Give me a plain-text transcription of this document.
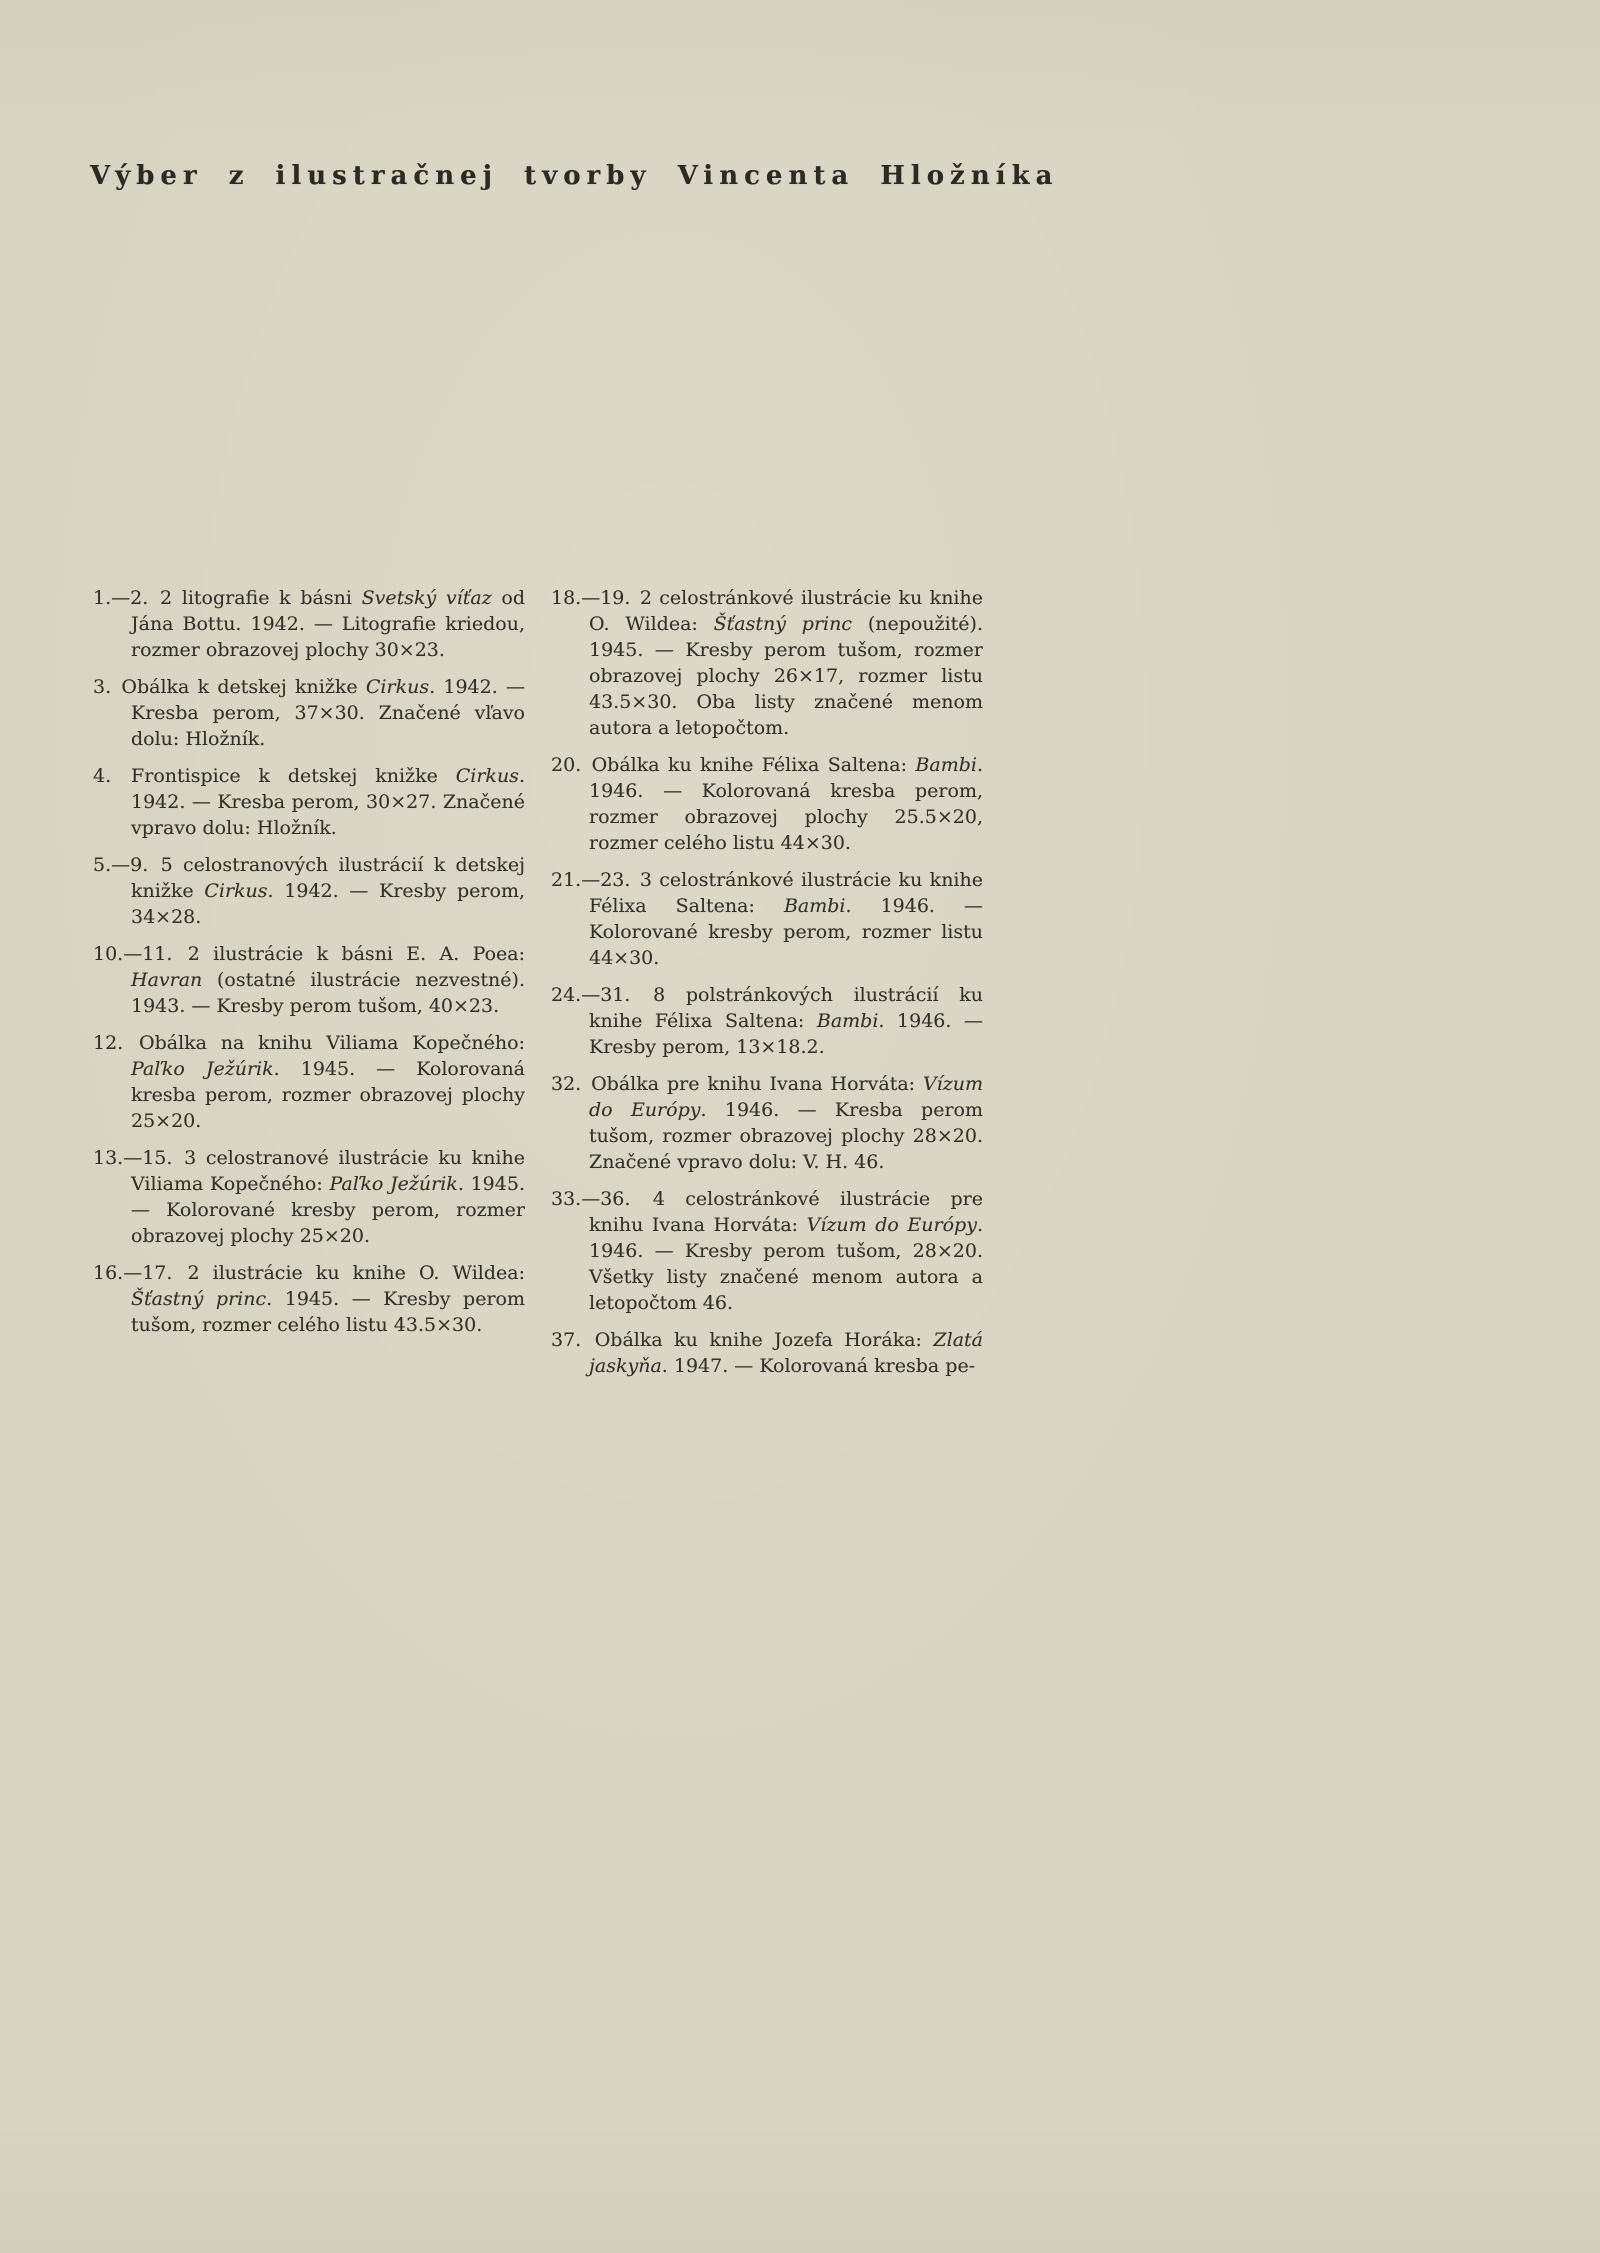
Výber z ilustračnej tvorby Vincenta Hložníka

1.—2. 2 litografie k básni Svetský víťaz od Jána Bottu. 1942. — Litografie kriedou, rozmer obrazovej plochy 30×23.

3. Obálka k detskej knižke Cirkus. 1942. — Kresba perom, 37×30. Značené vľavo dolu: Hložník.

4. Frontispice k detskej knižke Cirkus. 1942. — Kresba perom, 30×27. Značené vpravo dolu: Hložník.

5.—9. 5 celostranových ilustrácií k detskej knižke Cirkus. 1942. — Kresby perom, 34×28.

10.—11. 2 ilustrácie k básni E. A. Poea: Havran (ostatné ilustrácie nezvestné). 1943. — Kresby perom tušom, 40×23.

12. Obálka na knihu Viliama Kopečného: Paľko Ježúrik. 1945. — Kolorovaná kresba perom, rozmer obrazovej plochy 25×20.

13.—15. 3 celostranové ilustrácie ku knihe Viliama Kopečného: Paľko Ježúrik. 1945. — Kolorované kresby perom, rozmer obrazovej plochy 25×20.

16.—17. 2 ilustrácie ku knihe O. Wildea: Šťastný princ. 1945. — Kresby perom tušom, rozmer celého listu 43.5×30.

18.—19. 2 celostránkové ilustrácie ku knihe O. Wildea: Šťastný princ (nepoužité). 1945. — Kresby perom tušom, rozmer obrazovej plochy 26×17, rozmer listu 43.5×30. Oba listy značené menom autora a letopočtom.

20. Obálka ku knihe Félixa Saltena: Bambi. 1946. — Kolorovaná kresba perom, rozmer obrazovej plochy 25.5×20, rozmer celého listu 44×30.

21.—23. 3 celostránkové ilustrácie ku knihe Félixa Saltena: Bambi. 1946. — Kolorované kresby perom, rozmer listu 44×30.

24.—31. 8 polstránkových ilustrácií ku knihe Félixa Saltena: Bambi. 1946. — Kresby perom, 13×18.2.

32. Obálka pre knihu Ivana Horváta: Vízum do Európy. 1946. — Kresba perom tušom, rozmer obrazovej plochy 28×20. Značené vpravo dolu: V. H. 46.

33.—36. 4 celostránkové ilustrácie pre knihu Ivana Horváta: Vízum do Európy. 1946. — Kresby perom tušom, 28×20. Všetky listy značené menom autora a letopočtom 46.

37. Obálka ku knihe Jozefa Horáka: Zlatá jaskyňa. 1947. — Kolorovaná kresba pe-
